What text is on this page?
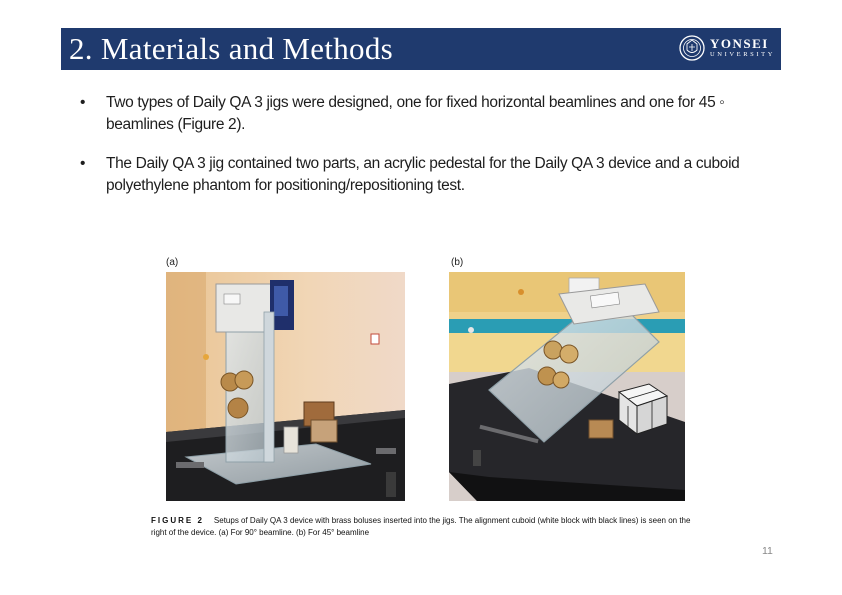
2. Materials and Methods	YONSEI
UNIVERSITY
• Two types of Daily QA 3 jigs were designed, one for fixed horizontal beamlines and one for 45 ◦ beamlines (Figure 2).
• The Daily QA 3 jig contained two parts, an acrylic pedestal for the Daily QA 3 device and a cuboid polyethylene phantom for positioning/repositioning test.
(a)	(b)
FIGURE 2 Setups of Daily QA 3 device with brass boluses inserted into the jigs. The alignment cuboid (white block with black lines) is seen on the right of the device. (a) For 90° beamline. (b) For 45° beamline
11
